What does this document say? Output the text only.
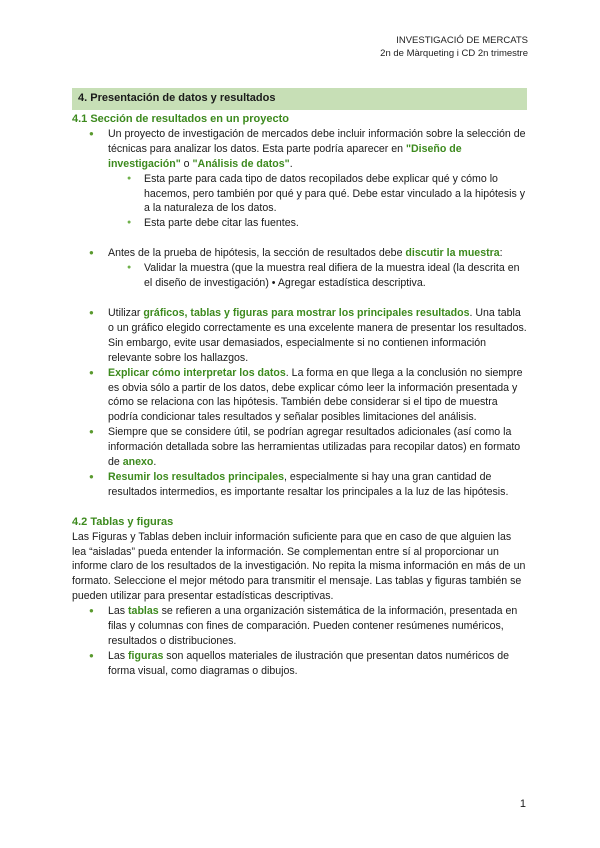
INVESTIGACIÓ DE MERCATS
2n de Màrqueting i CD 2n trimestre
4. Presentación de datos y resultados
4.1 Sección de resultados en un proyecto
● Un proyecto de investigación de mercados debe incluir información sobre la selección de técnicas para analizar los datos. Esta parte podría aparecer en "Diseño de investigación" o "Análisis de datos".
● Esta parte para cada tipo de datos recopilados debe explicar qué y cómo lo hacemos, pero también por qué y para qué. Debe estar vinculado a la hipótesis y a la naturaleza de los datos.
● Esta parte debe citar las fuentes.
● Antes de la prueba de hipótesis, la sección de resultados debe discutir la muestra:
● Validar la muestra (que la muestra real difiera de la muestra ideal (la descrita en el diseño de investigación) • Agregar estadística descriptiva.
● Utilizar gráficos, tablas y figuras para mostrar los principales resultados. Una tabla o un gráfico elegido correctamente es una excelente manera de presentar los resultados. Sin embargo, evite usar demasiados, especialmente si no contienen información relevante sobre los hallazgos.
● Explicar cómo interpretar los datos. La forma en que llega a la conclusión no siempre es obvia sólo a partir de los datos, debe explicar cómo leer la información presentada y cómo se relaciona con las hipótesis. También debe considerar si el tipo de muestra podría condicionar tales resultados y señalar posibles limitaciones del análisis.
● Siempre que se considere útil, se podrían agregar resultados adicionales (así como la información detallada sobre las herramientas utilizadas para recopilar datos) en formato de anexo.
● Resumir los resultados principales, especialmente si hay una gran cantidad de resultados intermedios, es importante resaltar los principales a la luz de las hipótesis.
4.2 Tablas y figuras
Las Figuras y Tablas deben incluir información suficiente para que en caso de que alguien las lea “aisladas” pueda entender la información. Se complementan entre sí al proporcionar un informe claro de los resultados de la investigación. No repita la misma información en más de un formato. Seleccione el mejor método para transmitir el mensaje. Las tablas y figuras también se pueden utilizar para presentar estadísticas descriptivas.
● Las tablas se refieren a una organización sistemática de la información, presentada en filas y columnas con fines de comparación. Pueden contener resúmenes numéricos, resultados o distribuciones.
● Las figuras son aquellos materiales de ilustración que presentan datos numéricos de forma visual, como diagramas o dibujos.
1
